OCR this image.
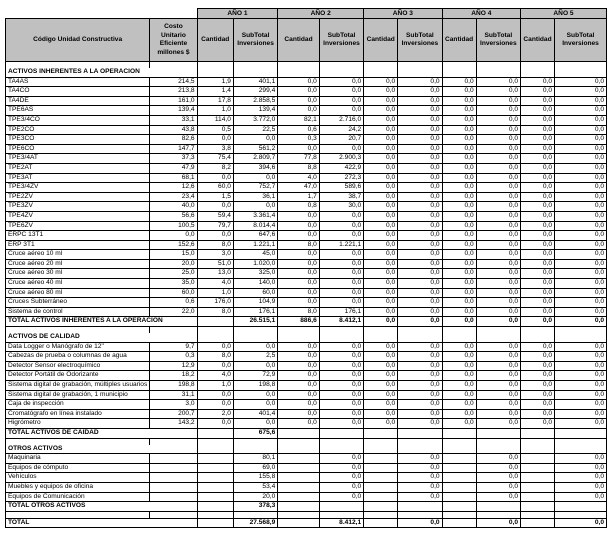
		AÑO 1		AÑO 2		AÑO 3		AÑO 4		AÑO 5	
Código Unidad Constructiva	Costo Unitario Eficiente millones $	Cantidad	SubTotal Inversiones	Cantidad	SubTotal Inversiones	Cantidad	SubTotal Inversiones	Cantidad	SubTotal Inversiones	Cantidad	SubTotal Inversiones

ACTIVOS INHERENTES A LA OPERACIÓN											
TA4AS	214,5	1,9	401,1	0,0	0,0	0,0	0,0	0,0	0,0	0,0	0,0
TA4CO	213,8	1,4	299,4	0,0	0,0	0,0	0,0	0,0	0,0	0,0	0,0
TA4DE	161,0	17,8	2.858,5	0,0	0,0	0,0	0,0	0,0	0,0	0,0	0,0
TPE6AS	139,4	1,0	139,4	0,0	0,0	0,0	0,0	0,0	0,0	0,0	0,0
TPE3/4CO	33,1	114,0	3.772,0	82,1	2.716,0	0,0	0,0	0,0	0,0	0,0	0,0
TPE2CO	43,8	0,5	22,5	0,6	24,2	0,0	0,0	0,0	0,0	0,0	0,0
TPE3CO	82,6	0,0	0,0	0,3	20,7	0,0	0,0	0,0	0,0	0,0	0,0
TPE6CO	147,7	3,8	561,2	0,0	0,0	0,0	0,0	0,0	0,0	0,0	0,0
TPE3/4AT	37,3	75,4	2.809,7	77,8	2.900,3	0,0	0,0	0,0	0,0	0,0	0,0
TPE2AT	47,9	8,2	394,6	8,8	422,9	0,0	0,0	0,0	0,0	0,0	0,0
TPE3AT	68,1	0,0	0,0	4,0	272,3	0,0	0,0	0,0	0,0	0,0	0,0
TPE3/4ZV	12,6	60,0	752,7	47,0	589,6	0,0	0,0	0,0	0,0	0,0	0,0
TPE2ZV	23,4	1,5	36,1	1,7	38,7	0,0	0,0	0,0	0,0	0,0	0,0
TPE3ZV	40,0	0,0	0,0	0,8	30,0	0,0	0,0	0,0	0,0	0,0	0,0
TPE4ZV	56,6	59,4	3.361,4	0,0	0,0	0,0	0,0	0,0	0,0	0,0	0,0
TPE6ZV	100,5	79,7	8.014,4	0,0	0,0	0,0	0,0	0,0	0,0	0,0	0,0
ERPC 13T1	0,0	0,0	647,6	0,0	0,0	0,0	0,0	0,0	0,0	0,0	0,0
ERP 3T1	152,6	8,0	1.221,1	8,0	1.221,1	0,0	0,0	0,0	0,0	0,0	0,0
Cruce aéreo 10 ml	15,0	3,0	45,0	0,0	0,0	0,0	0,0	0,0	0,0	0,0	0,0
Cruce aéreo 20 ml	20,0	51,0	1.020,0	0,0	0,0	0,0	0,0	0,0	0,0	0,0	0,0
Cruce aéreo 30 ml	25,0	13,0	325,0	0,0	0,0	0,0	0,0	0,0	0,0	0,0	0,0
Cruce aéreo 40 ml	35,0	4,0	140,0	0,0	0,0	0,0	0,0	0,0	0,0	0,0	0,0
Cruce aéreo 80 ml	60,0	1,0	60,0	0,0	0,0	0,0	0,0	0,0	0,0	0,0	0,0
Cruces Subterráneo	0,6	176,0	104,9	0,0	0,0	0,0	0,0	0,0	0,0	0,0	0,0
Sistema de control	22,0	8,0	176,1	8,0	176,1	0,0	0,0	0,0	0,0	0,0	0,0
TOTAL ACTIVOS INHERENTES A LA OPERACIÓN			26.515,1	886,6	8.412,1	0,0	0,0	0,0	0,0	0,0	0,0

ACTIVOS DE CALIDAD											
Data Logger o Manógrafo de 12"	9,7	0,0	0,0	0,0	0,0	0,0	0,0	0,0	0,0	0,0	0,0
Cabezas de prueba o columnas de agua	0,3	8,0	2,5	0,0	0,0	0,0	0,0	0,0	0,0	0,0	0,0
Detector Sensor electroquímico	12,9	0,0	0,0	0,0	0,0	0,0	0,0	0,0	0,0	0,0	0,0
Detector Portátil de Odorizante	18,2	4,0	72,9	0,0	0,0	0,0	0,0	0,0	0,0	0,0	0,0
Sistema digital de grabación, múltiples usuarios	198,8	1,0	198,8	0,0	0,0	0,0	0,0	0,0	0,0	0,0	0,0
Sistema digital de grabación, 1 municipio	31,1	0,0	0,0	0,0	0,0	0,0	0,0	0,0	0,0	0,0	0,0
Caja de inspección	3,0	0,0	0,0	0,0	0,0	0,0	0,0	0,0	0,0	0,0	0,0
Cromatógrafo en línea instalado	200,7	2,0	401,4	0,0	0,0	0,0	0,0	0,0	0,0	0,0	0,0
Higrómetro	143,2	0,0	0,0	0,0	0,0	0,0	0,0	0,0	0,0	0,0	0,0
TOTAL ACTIVOS DE CAIDAD			675,6								

OTROS ACTIVOS											
Maquinaria			80,1		0,0		0,0		0,0		0,0
Equipos de cómputo			69,0		0,0		0,0		0,0		0,0
Vehículos			155,8		0,0		0,0		0,0		0,0
Muebles y equipos de oficina			53,4		0,0		0,0		0,0		0,0
Equipos de Comunicación			20,0		0,0		0,0		0,0		0,0
TOTAL OTROS ACTIVOS			378,3								

TOTAL			27.568,9		8.412,1		0,0		0,0		0,0
